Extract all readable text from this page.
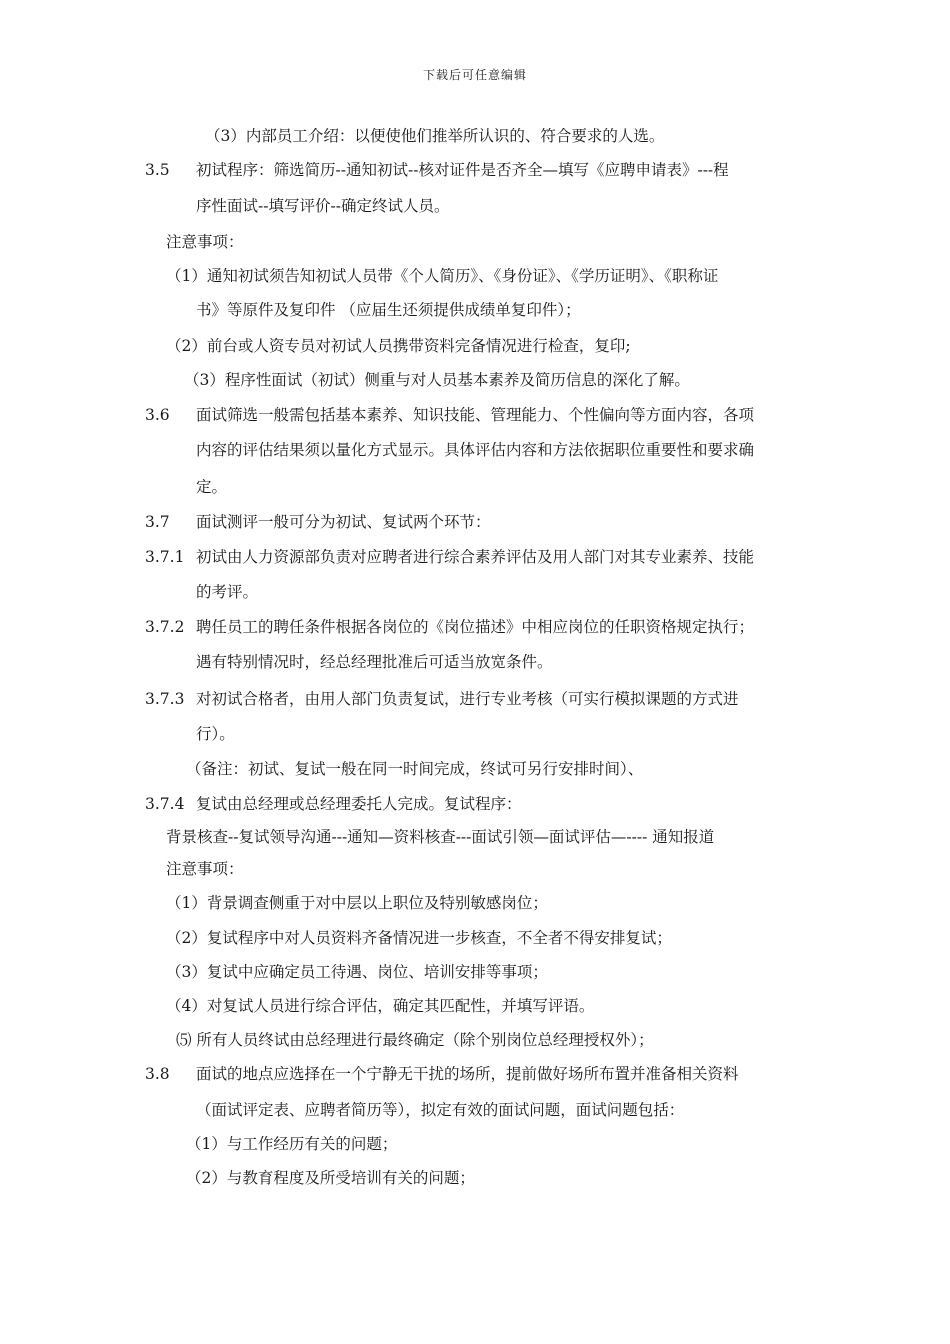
下载后可任意编辑
（3）内部员工介绍：以便使他们推举所认识的、符合要求的人选。
3.5 初试程序：筛选简历--通知初试--核对证件是否齐全—填写《应聘申请表》---程
序性面试--填写评价--确定终试人员。
注意事项：
（1）通知初试须告知初试人员带《个人简历》、《身份证》、《学历证明》、《职称证
书》等原件及复印件 （应届生还须提供成绩单复印件）；
（2）前台或人资专员对初试人员携带资料完备情况进行检查，复印;
（3）程序性面试（初试）侧重与对人员基本素养及简历信息的深化了解。
3.6 面试筛选一般需包括基本素养、知识技能、管理能力、个性偏向等方面内容，各项
内容的评估结果须以量化方式显示。具体评估内容和方法依据职位重要性和要求确
定。
3.7 面试测评一般可分为初试、复试两个环节：
3.7.1 初试由人力资源部负责对应聘者进行综合素养评估及用人部门对其专业素养、技能
的考评。
3.7.2 聘任员工的聘任条件根据各岗位的《岗位描述》中相应岗位的任职资格规定执行；
遇有特别情况时，经总经理批准后可适当放宽条件。
3.7.3 对初试合格者，由用人部门负责复试，进行专业考核（可实行模拟课题的方式进
行）。
（备注：初试、复试一般在同一时间完成，终试可另行安排时间）、
3.7.4 复试由总经理或总经理委托人完成。复试程序：
背景核查--复试领导沟通---通知—资料核查---面试引领—面试评估—---- 通知报道
注意事项：
（1）背景调查侧重于对中层以上职位及特别敏感岗位；
（2）复试程序中对人员资料齐备情况进一步核查，不全者不得安排复试；
（3）复试中应确定员工待遇、岗位、培训安排等事项；
（4）对复试人员进行综合评估，确定其匹配性，并填写评语。
⑸ 所有人员终试由总经理进行最终确定（除个别岗位总经理授权外）；
3.8 面试的地点应选择在一个宁静无干扰的场所，提前做好场所布置并准备相关资料
（面试评定表、应聘者简历等），拟定有效的面试问题，面试问题包括：
（1）与工作经历有关的问题；
（2）与教育程度及所受培训有关的问题；
